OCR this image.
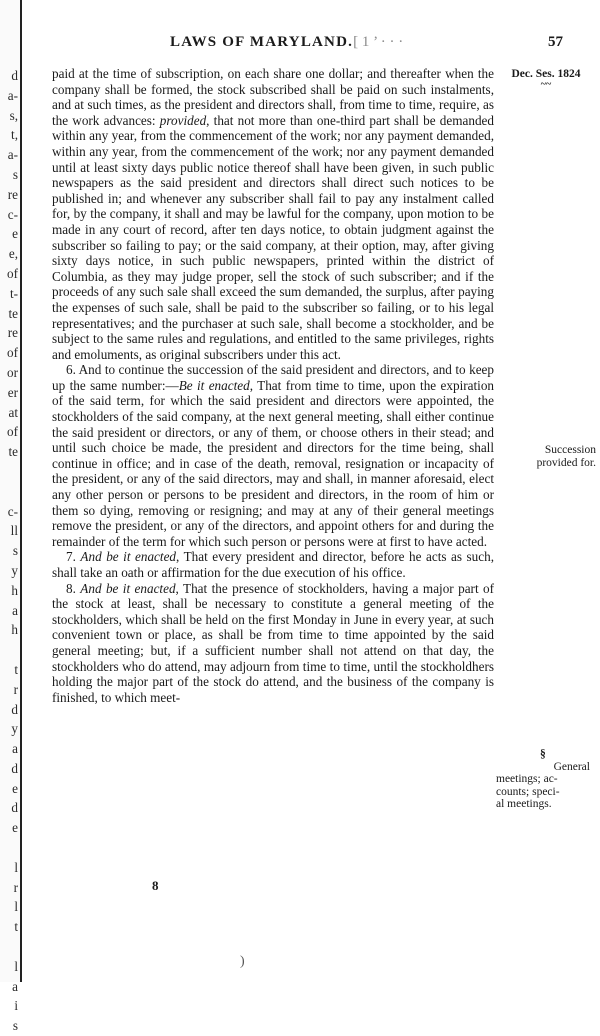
d
a-
s,
t,
a-
s
re
c-
e
e,
of
t-
te
re
of
or
er
at
of
te

c-
ll
s
y
h
a
h

t
r
d
y
a
d
e
d
e

l
r
l
t

l
a
i
s
LAWS OF MARYLAND.[ 1 ’ · · ·	57
Dec. Ses. 1824
~~
Succession
provided for.
§
General
meetings; ac-
counts; speci-
al meetings.

paid at the time of subscription, on each share one dollar; and thereafter when the company shall be formed, the stock subscribed shall be paid on such instalments, and at such times, as the president and directors shall, from time to time, require, as the work advances: provided, that not more than one-third part shall be demanded within any year, from the commencement of the work; nor any payment demanded, within any year, from the commencement of the work; nor any payment demanded until at least sixty days public notice thereof shall have been given, in such public newspapers as the said president and directors shall direct such notices to be published in; and whenever any subscriber shall fail to pay any instalment called for, by the company, it shall and may be lawful for the company, upon motion to be made in any court of record, after ten days notice, to obtain judgment against the subscriber so failing to pay; or the said company, at their option, may, after giving sixty days notice, in such public newspapers, printed within the district of Columbia, as they may judge proper, sell the stock of such subscriber; and if the proceeds of any such sale shall exceed the sum demanded, the surplus, after paying the expenses of such sale, shall be paid to the subscriber so failing, or to his legal representatives; and the purchaser at such sale, shall become a stockholder, and be subject to the same rules and regulations, and entitled to the same privileges, rights and emoluments, as original subscribers under this act.

6. And to continue the succession of the said president and directors, and to keep up the same number:—Be it enacted, That from time to time, upon the expiration of the said term, for which the said president and directors were appointed, the stockholders of the said company, at the next general meeting, shall either continue the said president or directors, or any of them, or choose others in their stead; and until such choice be made, the president and directors for the time being, shall continue in office; and in case of the death, removal, resignation or incapacity of the president, or any of the said directors, may and shall, in manner aforesaid, elect any other person or persons to be president and directors, in the room of him or them so dying, removing or resigning; and may at any of their general meetings remove the president, or any of the directors, and appoint others for and during the remainder of the term for which such person or persons were at first to have acted.

7. And be it enacted, That every president and director, before he acts as such, shall take an oath or affirmation for the due execution of his office.

8. And be it enacted, That the presence of stockholders, having a major part of the stock at least, shall be necessary to constitute a general meeting of the stockholders, which shall be held on the first Monday in June in every year, at such convenient town or place, as shall be from time to time appointed by the said general meeting; but, if a sufficient number shall not attend on that day, the stockholders who do attend, may adjourn from time to time, until the stockholdhers holding the major part of the stock do attend, and the business of the company is finished, to which meet-

8
)
